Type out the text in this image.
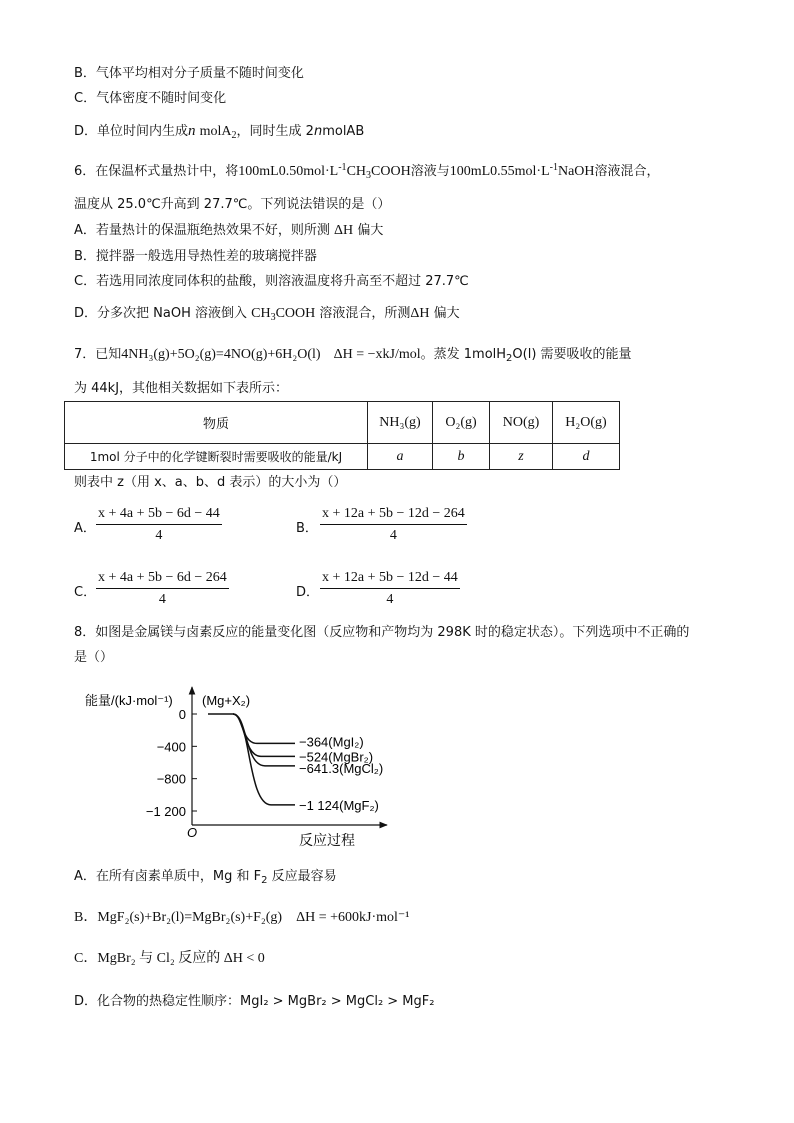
B．气体平均相对分子质量不随时间变化
C．气体密度不随时间变化
D．单位时间内生成n molA$_2$，同时生成 2nmolAB
6．在保温杯式量热计中，将$100mL0.50mol\cdot L^{-1}CH_3COOH$溶液与$100mL0.55mol\cdot L^{-1}NaOH$溶液混合，
温度从 25.0℃升高到 27.7℃。下列说法错误的是（）
A．若量热计的保温瓶绝热效果不好，则所测 ΔH 偏大
B．搅拌器一般选用导热性差的玻璃搅拌器
C．若选用同浓度同体积的盐酸，则溶液温度将升高至不超过 27.7℃
D．分多次把 NaOH 溶液倒入 $CH_3COOH$ 溶液混合，所测ΔH 偏大
7．已知4NH₃(g)+5O₂(g)=4NO(g)+6H₂O(l)　 ΔH = −xkJ/mol。蒸发 1molH$_2$O(l) 需要吸收的能量
为 44kJ，其他相关数据如下表所示：
物质	NH₃(g)	O₂(g)	NO(g)	H₂O(g)
1mol 分子中的化学键断裂时需要吸收的能量/kJ	a	b	z	d
则表中 z（用 x、a、b、d 表示）的大小为（）
A． $\frac{x + 4a + 5b - 6d - 44}{4}$	B． $\frac{x + 12a + 5b - 12d - 264}{4}$
C． $\frac{x + 4a + 5b - 6d - 264}{4}$	D． $\frac{x + 12a + 5b - 12d - 44}{4}$
8．如图是金属镁与卤素反应的能量变化图（反应物和产物均为 298K 时的稳定状态）。下列选项中不正确的
是（）
能量/(kJ·mol⁻¹) (Mg+X₂)
O	反应过程
0
−400
−800
−1 200
−364(MgI₂)
−524(MgBr₂)
−641.3(MgCl₂)
−1 124(MgF₂)
A．在所有卤素单质中，Mg 和 $F_2$ 反应最容易
B．MgF₂(s)+Br₂(l)=MgBr₂(s)+F₂(g)　ΔH = +600kJ·mol⁻¹
C．MgBr₂ 与 Cl₂ 反应的 ΔH < 0
D．化合物的热稳定性顺序：MgI₂ > MgBr₂ > MgCl₂ > MgF₂
